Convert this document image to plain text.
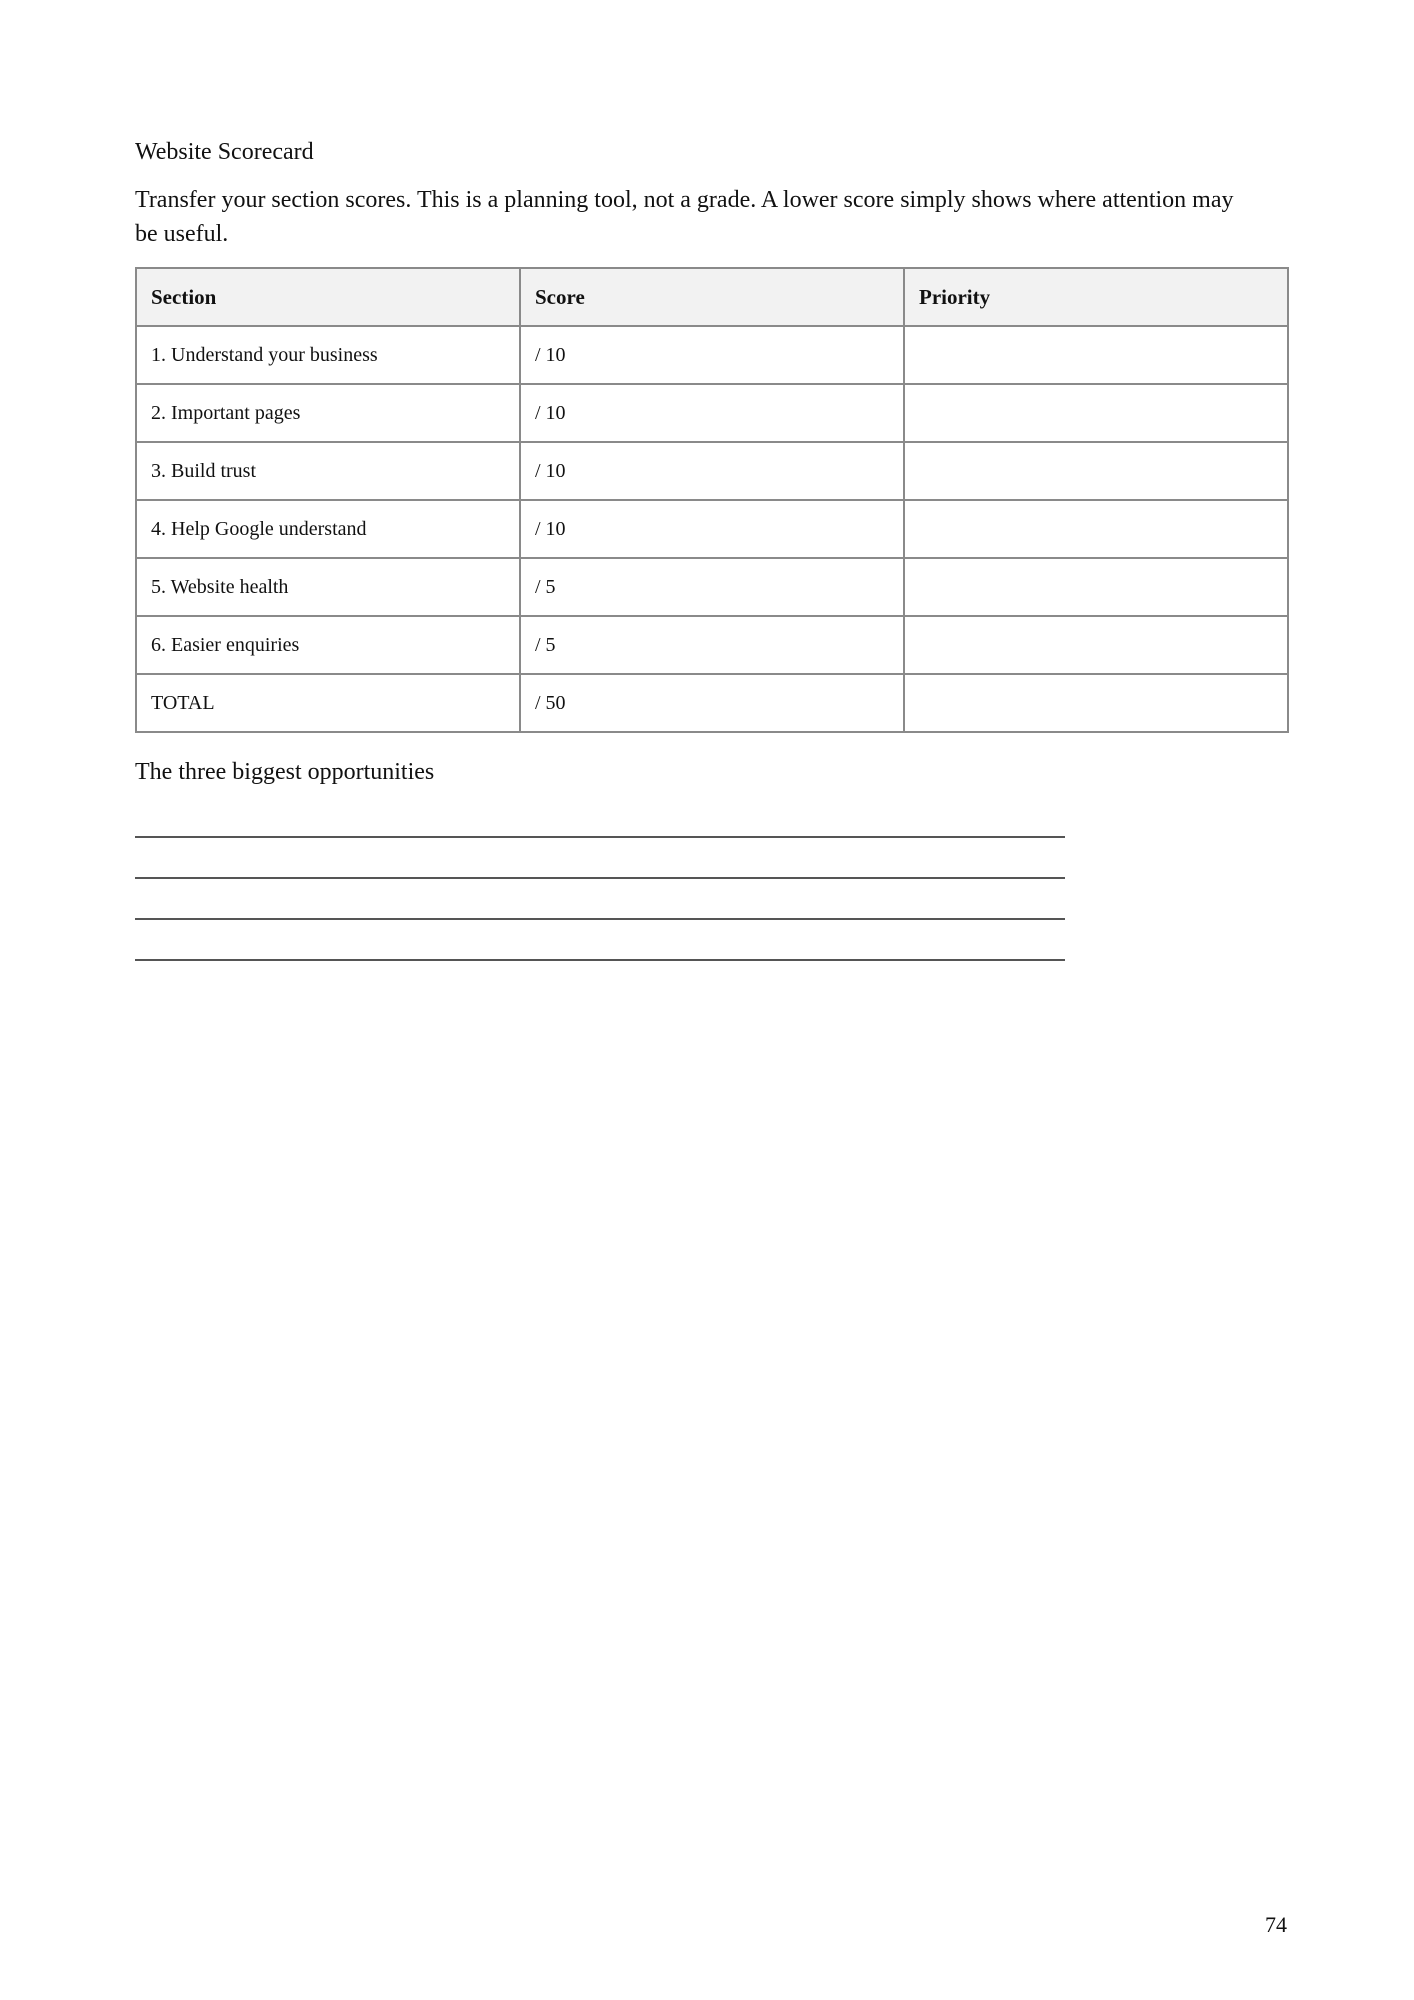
Website Scorecard
Transfer your section scores. This is a planning tool, not a grade. A lower score simply shows where attention may be useful.
Section	Score	Priority
1. Understand your business	/ 10	
2. Important pages	/ 10	
3. Build trust	/ 10	
4. Help Google understand	/ 10	
5. Website health	/ 5	
6. Easier enquiries	/ 5	
TOTAL	/ 50	
The three biggest opportunities
74
